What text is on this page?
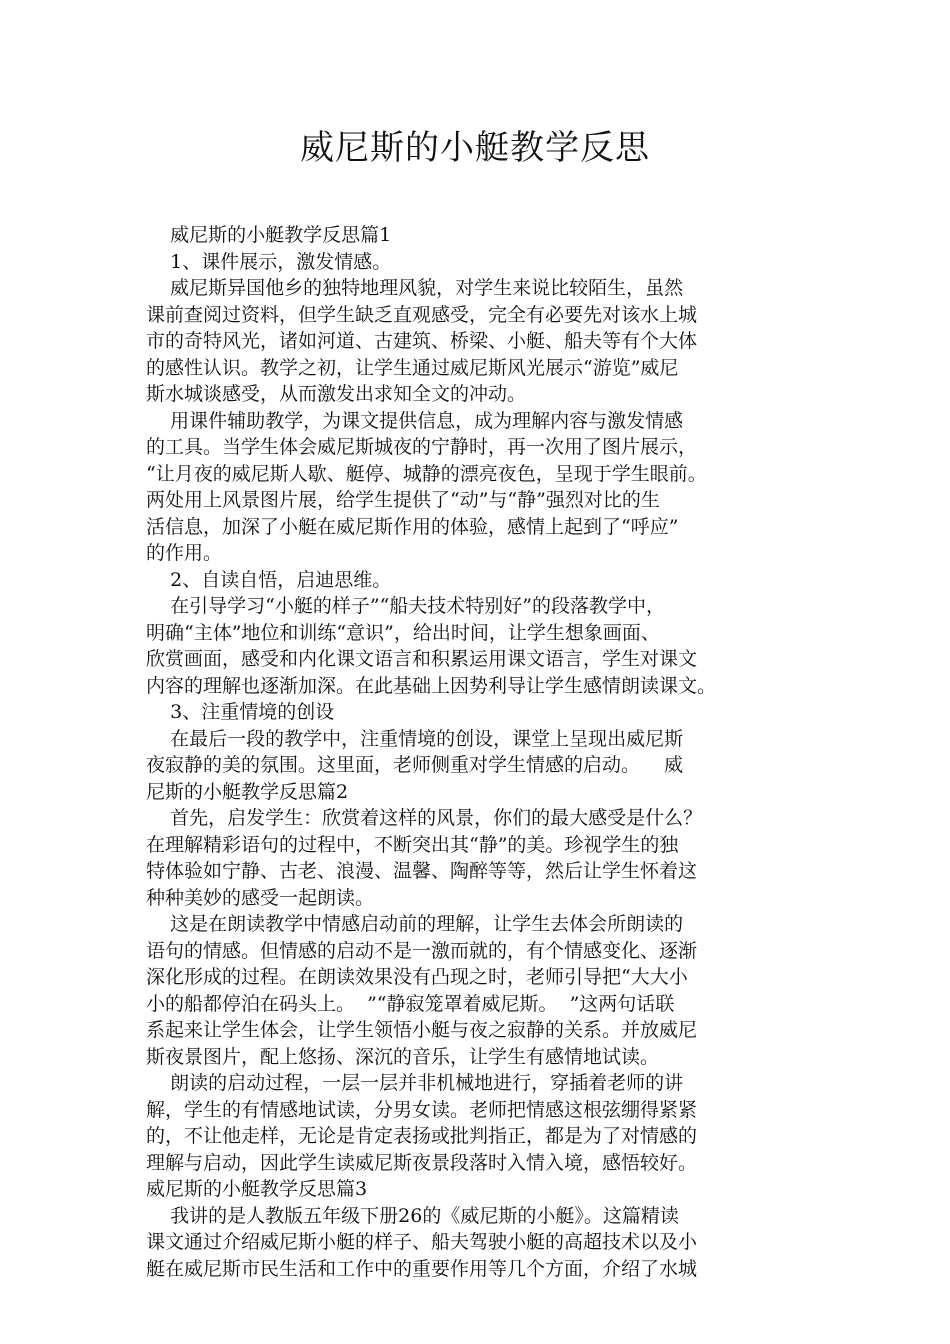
威尼斯的小艇教学反思
威尼斯的小艇教学反思篇1
1、课件展示，激发情感。
威尼斯异国他乡的独特地理风貌，对学生来说比较陌生，虽然
课前查阅过资料，但学生缺乏直观感受，完全有必要先对该水上城
市的奇特风光，诸如河道、古建筑、桥梁、小艇、船夫等有个大体
的感性认识。教学之初，让学生通过威尼斯风光展示“游览”威尼
斯水城谈感受，从而激发出求知全文的冲动。
用课件辅助教学，为课文提供信息，成为理解内容与激发情感
的工具。当学生体会威尼斯城夜的宁静时，再一次用了图片展示，
“让月夜的威尼斯人歇、艇停、城静的漂亮夜色，呈现于学生眼前。
两处用上风景图片展，给学生提供了“动”与“静”强烈对比的生
活信息，加深了小艇在威尼斯作用的体验，感情上起到了“呼应”
的作用。
2、自读自悟，启迪思维。
在引导学习“小艇的样子”“船夫技术特别好”的段落教学中，
明确“主体”地位和训练“意识”，给出时间，让学生想象画面、
欣赏画面，感受和内化课文语言和积累运用课文语言，学生对课文
内容的理解也逐渐加深。在此基础上因势利导让学生感情朗读课文。
3、注重情境的创设
在最后一段的教学中，注重情境的创设，课堂上呈现出威尼斯
夜寂静的美的氛围。这里面，老师侧重对学生情感的启动。    威
尼斯的小艇教学反思篇2
首先，启发学生：欣赏着这样的风景，你们的最大感受是什么？
在理解精彩语句的过程中，不断突出其“静”的美。珍视学生的独
特体验如宁静、古老、浪漫、温馨、陶醉等等，然后让学生怀着这
种种美妙的感受一起朗读。
这是在朗读教学中情感启动前的理解，让学生去体会所朗读的
语句的情感。但情感的启动不是一激而就的，有个情感变化、逐渐
深化形成的过程。在朗读效果没有凸现之时，老师引导把“大大小
小的船都停泊在码头上。  ”“静寂笼罩着威尼斯。  ”这两句话联
系起来让学生体会，让学生领悟小艇与夜之寂静的关系。并放威尼
斯夜景图片，配上悠扬、深沉的音乐，让学生有感情地试读。
朗读的启动过程，一层一层并非机械地进行，穿插着老师的讲
解，学生的有情感地试读，分男女读。老师把情感这根弦绷得紧紧
的，不让他走样，无论是肯定表扬或批判指正，都是为了对情感的
理解与启动，因此学生读威尼斯夜景段落时入情入境，感悟较好。
威尼斯的小艇教学反思篇3
我讲的是人教版五年级下册26的《威尼斯的小艇》。这篇精读
课文通过介绍威尼斯小艇的样子、船夫驾驶小艇的高超技术以及小
艇在威尼斯市民生活和工作中的重要作用等几个方面，介绍了水城
